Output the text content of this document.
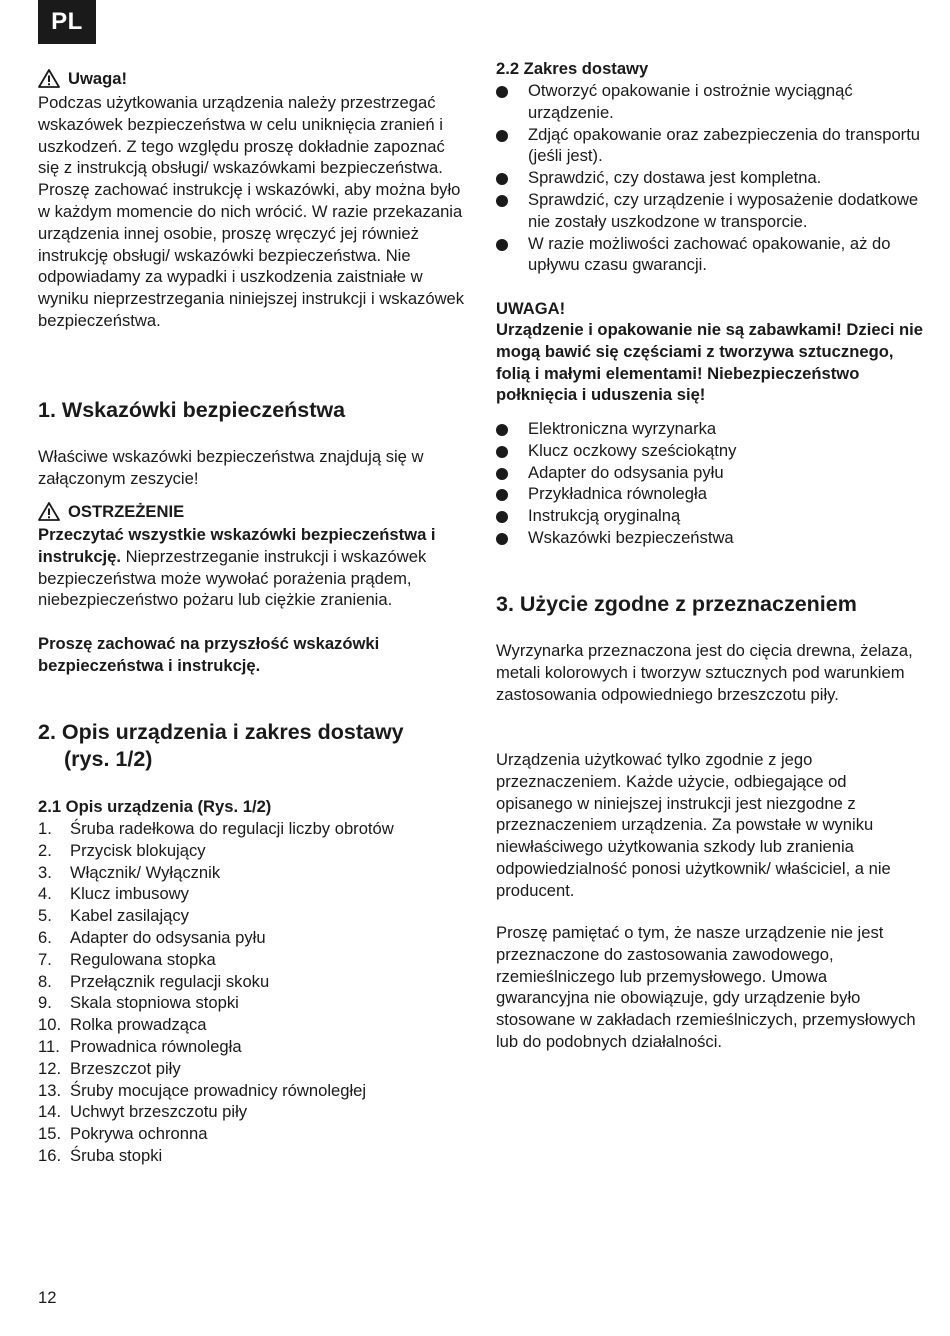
PL
Uwaga!
Podczas użytkowania urządzenia należy przestrzegać wskazówek bezpieczeństwa w celu uniknięcia zranień i uszkodzeń. Z tego względu proszę dokładnie zapoznać się z instrukcją obsługi/ wskazówkami bezpieczeństwa. Proszę zachować instrukcję i wskazówki, aby można było w każdym momencie do nich wrócić. W razie przekazania urządzenia innej osobie, proszę wręczyć jej również instrukcję obsługi/ wskazówki bezpieczeństwa. Nie odpowiadamy za wypadki i uszkodzenia zaistniałe w wyniku nieprzestrzegania niniejszej instrukcji i wskazówek bezpieczeństwa.
1. Wskazówki bezpieczeństwa
Właściwe wskazówki bezpieczeństwa znajdują się w załączonym zeszycie!
OSTRZEŻENIE
Przeczytać wszystkie wskazówki bezpieczeństwa i instrukcję. Nieprzestrzeganie instrukcji i wskazówek bezpieczeństwa może wywołać porażenia prądem, niebezpieczeństwo pożaru lub ciężkie zranienia.
Proszę zachować na przyszłość wskazówki bezpieczeństwa i instrukcję.
2. Opis urządzenia i zakres dostawy
(rys. 1/2)
2.1 Opis urządzenia (Rys. 1/2)
1.	Śruba radełkowa do regulacji liczby obrotów
2.	Przycisk blokujący
3.	Włącznik/ Wyłącznik
4.	Klucz imbusowy
5.	Kabel zasilający
6.	Adapter do odsysania pyłu
7.	Regulowana stopka
8.	Przełącznik regulacji skoku
9.	Skala stopniowa stopki
10. Rolka prowadząca
11. Prowadnica równoległa
12. Brzeszczot piły
13. Śruby mocujące prowadnicy równoległej
14. Uchwyt brzeszczotu piły
15. Pokrywa ochronna
16. Śruba stopki
2.2 Zakres dostawy
Otworzyć opakowanie i ostrożnie wyciągnąć urządzenie.
Zdjąć opakowanie oraz zabezpieczenia do transportu (jeśli jest).
Sprawdzić, czy dostawa jest kompletna.
Sprawdzić, czy urządzenie i wyposażenie dodatkowe nie zostały uszkodzone w transporcie.
W razie możliwości zachować opakowanie, aż do upływu czasu gwarancji.
UWAGA!
Urządzenie i opakowanie nie są zabawkami! Dzieci nie mogą bawić się częściami z tworzywa sztucznego, folią i małymi elementami! Niebezpieczeństwo połknięcia i uduszenia się!
Elektroniczna wyrzynarka
Klucz oczkowy sześciokątny
Adapter do odsysania pyłu
Przykładnica równoległa
Instrukcją oryginalną
Wskazówki bezpieczeństwa
3. Użycie zgodne z przeznaczeniem
Wyrzynarka przeznaczona jest do cięcia drewna, żelaza, metali kolorowych i tworzyw sztucznych pod warunkiem zastosowania odpowiedniego brzeszczotu piły.
Urządzenia użytkować tylko zgodnie z jego przeznaczeniem. Każde użycie, odbiegające od opisanego w niniejszej instrukcji jest niezgodne z przeznaczeniem urządzenia. Za powstałe w wyniku niewłaściwego użytkowania szkody lub zranienia odpowiedzialność ponosi użytkownik/ właściciel, a nie producent.
Proszę pamiętać o tym, że nasze urządzenie nie jest przeznaczone do zastosowania zawodowego, rzemieślniczego lub przemysłowego. Umowa gwarancyjna nie obowiązuje, gdy urządzenie było stosowane w zakładach rzemieślniczych, przemysłowych lub do podobnych działalności.
12
